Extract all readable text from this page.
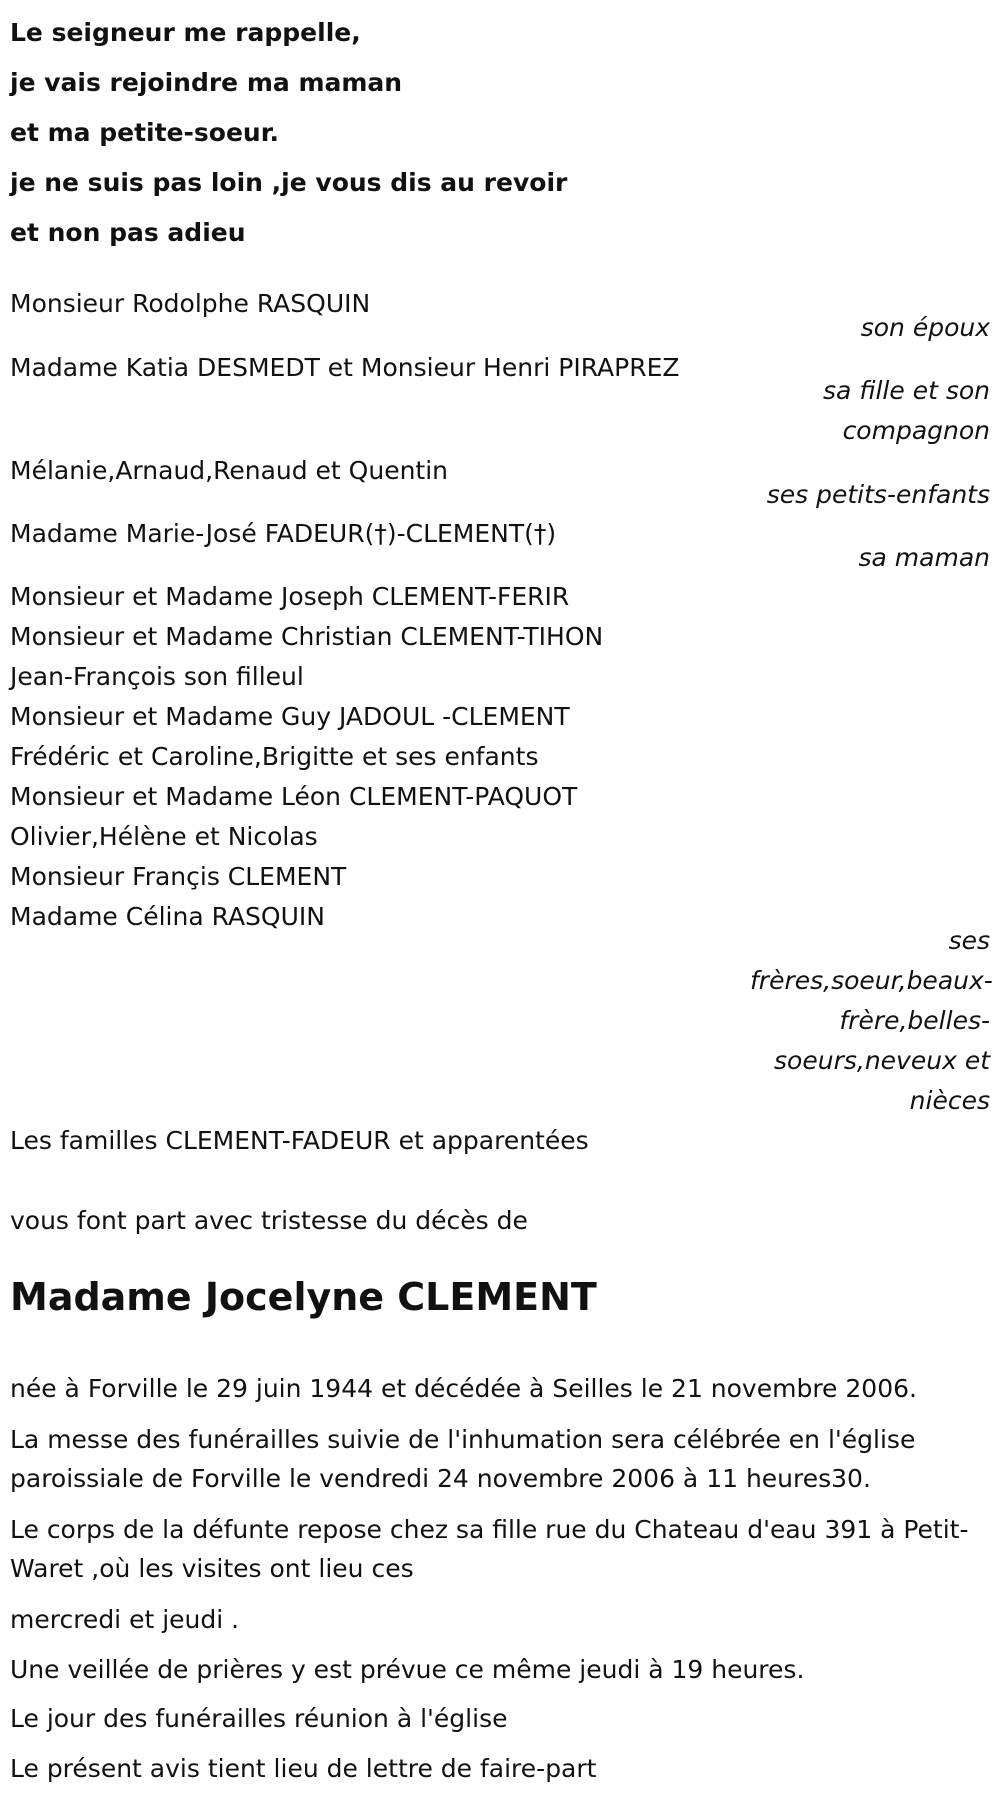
Le seigneur me rappelle,
je vais rejoindre ma maman
et ma petite-soeur.
je ne suis pas loin ,je vous dis au revoir
et non pas adieu
Monsieur Rodolphe RASQUIN
son époux
Madame Katia DESMEDT et Monsieur Henri PIRAPREZ
sa fille et son compagnon
Mélanie,Arnaud,Renaud et Quentin
ses petits-enfants
Madame Marie-José FADEUR(†)-CLEMENT(†)
sa maman
Monsieur et Madame Joseph CLEMENT-FERIR
Monsieur et Madame Christian CLEMENT-TIHON
Jean-François son filleul
Monsieur et Madame Guy JADOUL -CLEMENT
Frédéric et Caroline,Brigitte et ses enfants
Monsieur et Madame Léon CLEMENT-PAQUOT
Olivier,Hélène et Nicolas
Monsieur Françis CLEMENT
Madame Célina RASQUIN
ses frères,soeur,beaux-frère,belles-soeurs,neveux et nièces
Les familles CLEMENT-FADEUR et apparentées
vous font part avec tristesse du décès de
Madame Jocelyne CLEMENT
née à Forville le 29 juin 1944 et décédée à Seilles le 21 novembre 2006.
La messe des funérailles suivie de l'inhumation sera célébrée en l'église paroissiale de Forville le vendredi 24 novembre 2006 à 11 heures30.
Le corps de la défunte repose chez sa fille rue du Chateau d'eau 391 à Petit-Waret ,où les visites ont lieu ces
mercredi et jeudi .
Une veillée de prières y est prévue ce même jeudi à 19 heures.
Le jour des funérailles réunion à l'église
Le présent avis tient lieu de lettre de faire-part
